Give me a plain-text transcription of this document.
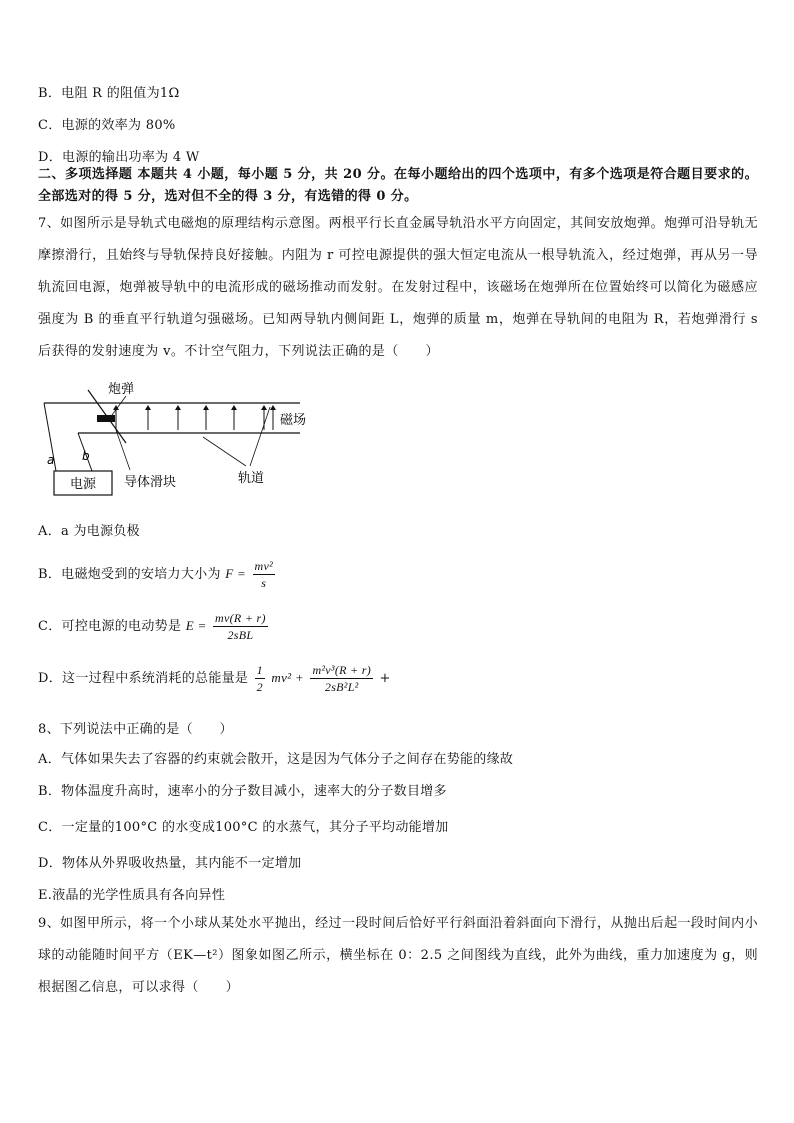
B．电阻 R 的阻值为1Ω
C．电源的效率为 80%
D．电源的输出功率为 4 W
二、多项选择题 本题共 4 小题，每小题 5 分，共 20 分。在每小题给出的四个选项中，有多个选项是符合题目要求的。全部选对的得 5 分，选对但不全的得 3 分，有选错的得 0 分。
7、如图所示是导轨式电磁炮的原理结构示意图。两根平行长直金属导轨沿水平方向固定，其间安放炮弹。炮弹可沿导轨无摩擦滑行，且始终与导轨保持良好接触。内阻为 r 可控电源提供的强大恒定电流从一根导轨流入，经过炮弹，再从另一导轨流回电源，炮弹被导轨中的电流形成的磁场推动而发射。在发射过程中，该磁场在炮弹所在位置始终可以简化为磁感应强度为 B 的垂直平行轨道匀强磁场。已知两导轨内侧间距 L，炮弹的质量 m，炮弹在导轨间的电阻为 R，若炮弹滑行 s 后获得的发射速度为 v。不计空气阻力，下列说法正确的是（　　）
电源
a b
磁场
炮弹
导体滑块	轨道
A．a 为电源负极
B．电磁炮受到的安培力大小为 $F = \frac{\text{mv²}}{s}$
C．可控电源的电动势是 $E = \frac{mv(R + r)}{\text{2sBL}}$
D．这一过程中系统消耗的总能量是 $\frac{1}{2} mv^2 + \frac{\text{m²v³(R + r)}}{\text{2sB²L²}}$ +
8、下列说法中正确的是（　　）
A．气体如果失去了容器的约束就会散开，这是因为气体分子之间存在势能的缘故
B．物体温度升高时，速率小的分子数目减小，速率大的分子数目增多
C．一定量的100°C 的水变成100°C 的水蒸气，其分子平均动能增加
D．物体从外界吸收热量，其内能不一定增加
E.液晶的光学性质具有各向异性
9、如图甲所示，将一个小球从某处水平抛出，经过一段时间后恰好平行斜面沿着斜面向下滑行，从抛出后起一段时间内小球的动能随时间平方（EK—t²）图象如图乙所示，横坐标在 0：2.5 之间图线为直线，此外为曲线，重力加速度为 g，则根据图乙信息，可以求得（　　）
